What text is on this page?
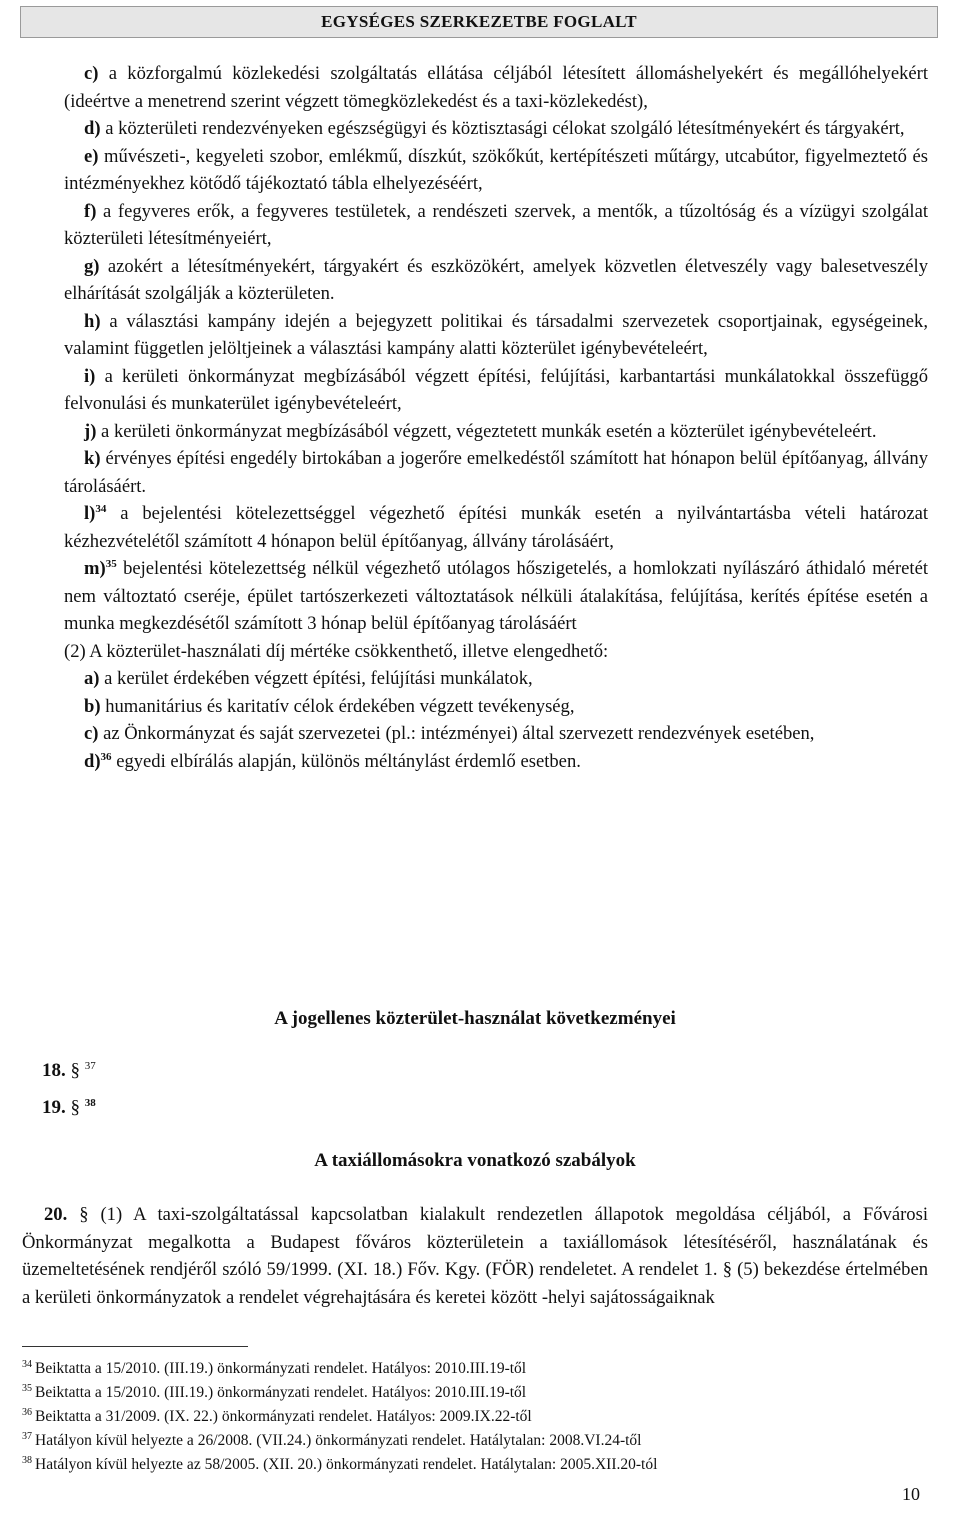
EGYSÉGES SZERKEZETBE FOGLALT

c) a közforgalmú közlekedési szolgáltatás ellátása céljából létesített állomáshelyekért és megállóhelyekért (ideértve a menetrend szerint végzett tömegközlekedést és a taxi-közlekedést),

d) a közterületi rendezvényeken egészségügyi és köztisztasági célokat szolgáló létesítményekért és tárgyakért,

e) művészeti-, kegyeleti szobor, emlékmű, díszkút, szökőkút, kertépítészeti műtárgy, utcabútor, figyelmeztető és intézményekhez kötődő tájékoztató tábla elhelyezéséért,

f) a fegyveres erők, a fegyveres testületek, a rendészeti szervek, a mentők, a tűzoltóság és a vízügyi szolgálat közterületi létesítményeiért,

g) azokért a létesítményekért, tárgyakért és eszközökért, amelyek közvetlen életveszély vagy balesetveszély elhárítását szolgálják a közterületen.

h) a választási kampány idején a bejegyzett politikai és társadalmi szervezetek csoportjainak, egységeinek, valamint független jelöltjeinek a választási kampány alatti közterület igénybevételeért,

i) a kerületi önkormányzat megbízásából végzett építési, felújítási, karbantartási munkálatokkal összefüggő felvonulási és munkaterület igénybevételeért,

j) a kerületi önkormányzat megbízásából végzett, végeztetett munkák esetén a közterület igénybevételeért.

k) érvényes építési engedély birtokában a jogerőre emelkedéstől számított hat hónapon belül építőanyag, állvány tárolásáért.

l)$^{34}$ a bejelentési kötelezettséggel végezhető építési munkák esetén a nyilvántartásba vételi határozat kézhezvételétől számított 4 hónapon belül építőanyag, állvány tárolásáért,

m)$^{35}$ bejelentési kötelezettség nélkül végezhető utólagos hőszigetelés, a homlokzati nyílászáró áthidaló méretét nem változtató cseréje, épület tartószerkezeti változtatások nélküli átalakítása, felújítása, kerítés építése esetén a munka megkezdésétől számított 3 hónap belül építőanyag tárolásáért

(2) A közterület-használati díj mértéke csökkenthető, illetve elengedhető:

a) a kerület érdekében végzett építési, felújítási munkálatok,

b) humanitárius és karitatív célok érdekében végzett tevékenység,

c) az Önkormányzat és saját szervezetei (pl.: intézményei) által szervezett rendezvények esetében,

d)$^{36}$ egyedi elbírálás alapján, különös méltánylást érdemlő esetben.

A jogellenes közterület-használat következményei
18. § $^{37}$
19. § $^{38}$
A taxiállomásokra vonatkozó szabályok

20. § (1) A taxi-szolgáltatással kapcsolatban kialakult rendezetlen állapotok megoldása céljából, a Fővárosi Önkormányzat megalkotta a Budapest főváros közterületein a taxiállomások létesítéséről, használatának és üzemeltetésének rendjéről szóló 59/1999. (XI. 18.) Főv. Kgy. (FÖR) rendeletet. A rendelet 1. § (5) bekezdése értelmében a kerületi önkormányzatok a rendelet végrehajtására és keretei között -helyi sajátosságaiknak

$^{34}$ Beiktatta a 15/2010. (III.19.) önkormányzati rendelet. Hatályos: 2010.III.19-től
$^{35}$ Beiktatta a 15/2010. (III.19.) önkormányzati rendelet. Hatályos: 2010.III.19-től
$^{36}$ Beiktatta a 31/2009. (IX. 22.) önkormányzati rendelet. Hatályos: 2009.IX.22-től
$^{37}$ Hatályon kívül helyezte a 26/2008. (VII.24.) önkormányzati rendelet. Hatálytalan: 2008.VI.24-től
$^{38}$ Hatályon kívül helyezte az 58/2005. (XII. 20.) önkormányzati rendelet. Hatálytalan: 2005.XII.20-tól
10
